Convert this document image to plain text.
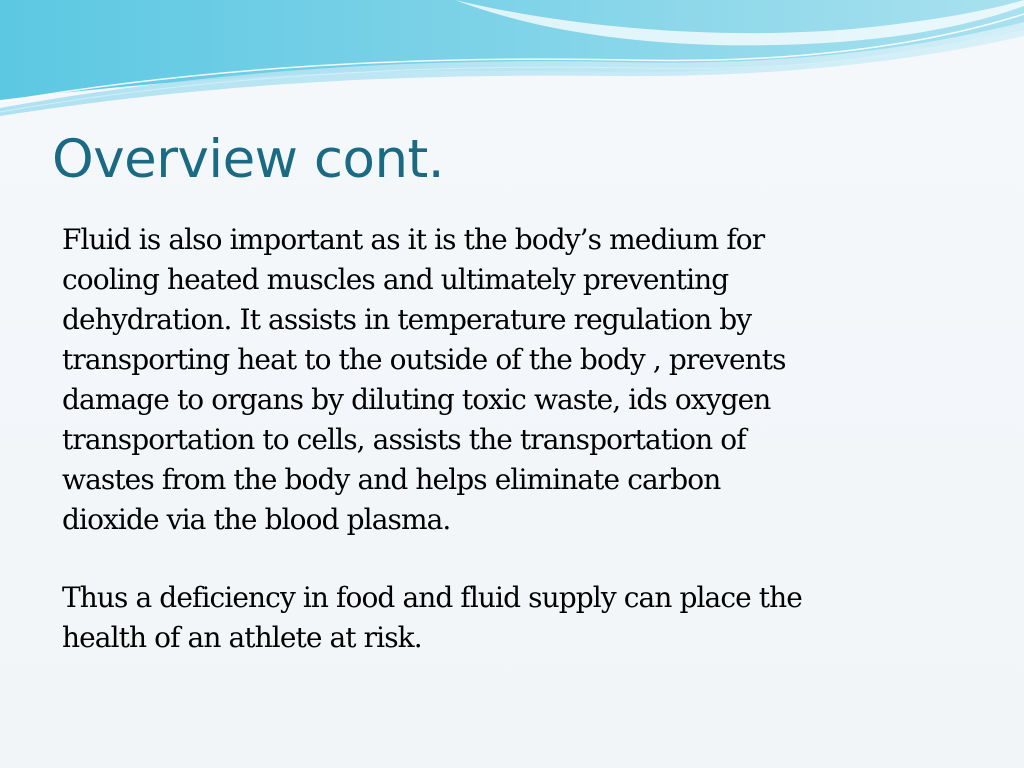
Overview cont.

Fluid is also important as it is the body’s medium for
cooling heated muscles and ultimately preventing
dehydration. It assists in temperature regulation by
transporting heat to the outside of the body , prevents
damage to organs by diluting toxic waste, ids oxygen
transportation to cells, assists the transportation of
wastes from the body and helps eliminate carbon
dioxide via the blood plasma.

Thus a deficiency in food and fluid supply can place the
health of an athlete at risk.
